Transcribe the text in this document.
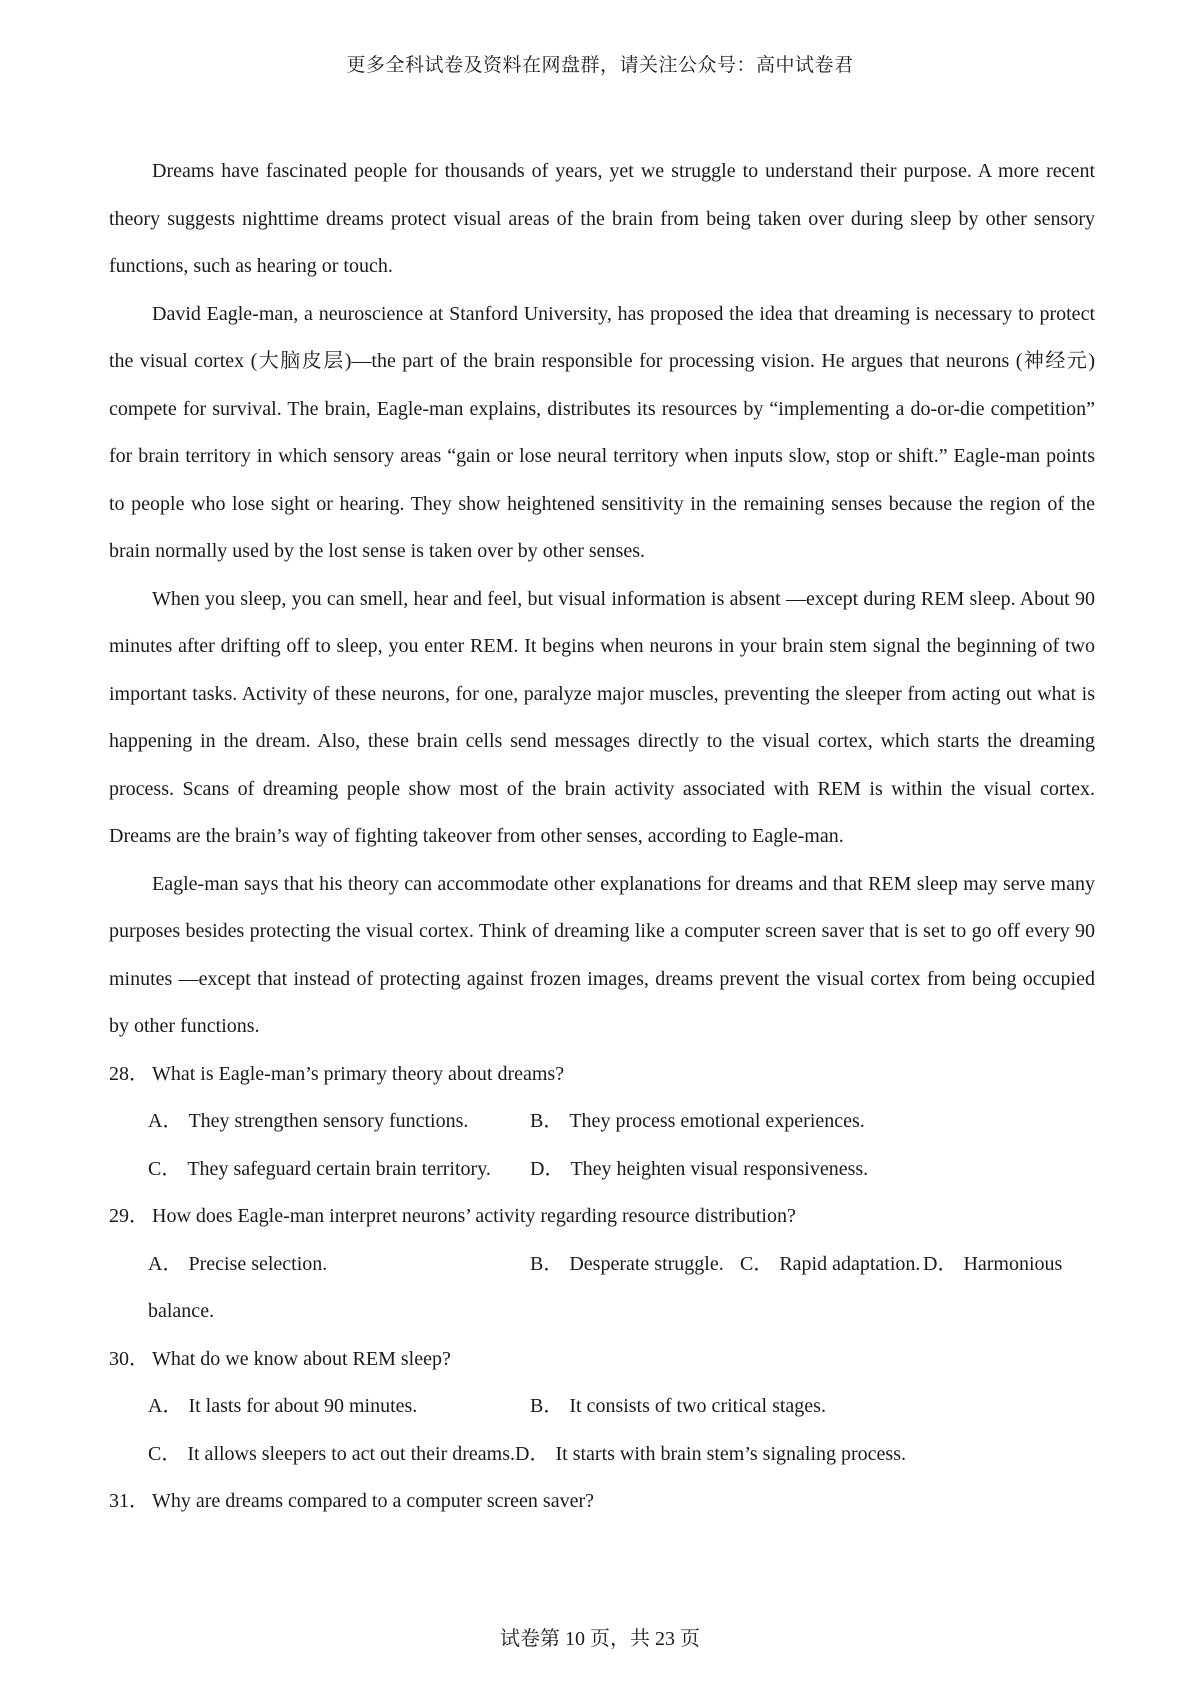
更多全科试卷及资料在网盘群，请关注公众号：高中试卷君

Dreams have fascinated people for thousands of years, yet we struggle to understand their purpose. A more recent theory suggests nighttime dreams protect visual areas of the brain from being taken over during sleep by other sensory functions, such as hearing or touch.

David Eagle-man, a neuroscience at Stanford University, has proposed the idea that dreaming is necessary to protect the visual cortex (大脑皮层)—the part of the brain responsible for processing vision. He argues that neurons (神经元) compete for survival. The brain, Eagle-man explains, distributes its resources by “implementing a do-or-die competition” for brain territory in which sensory areas “gain or lose neural territory when inputs slow, stop or shift.” Eagle-man points to people who lose sight or hearing. They show heightened sensitivity in the remaining senses because the region of the brain normally used by the lost sense is taken over by other senses.

When you sleep, you can smell, hear and feel, but visual information is absent —except during REM sleep. About 90 minutes after drifting off to sleep, you enter REM. It begins when neurons in your brain stem signal the beginning of two important tasks. Activity of these neurons, for one, paralyze major muscles, preventing the sleeper from acting out what is happening in the dream. Also, these brain cells send messages directly to the visual cortex, which starts the dreaming process. Scans of dreaming people show most of the brain activity associated with REM is within the visual cortex. Dreams are the brain’s way of fighting takeover from other senses, according to Eagle-man.

Eagle-man says that his theory can accommodate other explanations for dreams and that REM sleep may serve many purposes besides protecting the visual cortex. Think of dreaming like a computer screen saver that is set to go off every 90 minutes —except that instead of protecting against frozen images, dreams prevent the visual cortex from being occupied by other functions.

28． What is Eagle-man’s primary theory about dreams?

A． They strengthen sensory functions.	B． They process emotional experiences.
C． They safeguard certain brain territory. D． They heighten visual responsiveness.

29． How does Eagle-man interpret neurons’ activity regarding resource distribution?

A． Precise selection.	B． Desperate struggle. C． Rapid adaptation. D． Harmonious balance.

30． What do we know about REM sleep?

A． It lasts for about 90 minutes.	B． It consists of two critical stages.
C． It allows sleepers to act out their dreams.D． It starts with brain stem’s signaling process.

31． Why are dreams compared to a computer screen saver?

试卷第 10 页，共 23 页
